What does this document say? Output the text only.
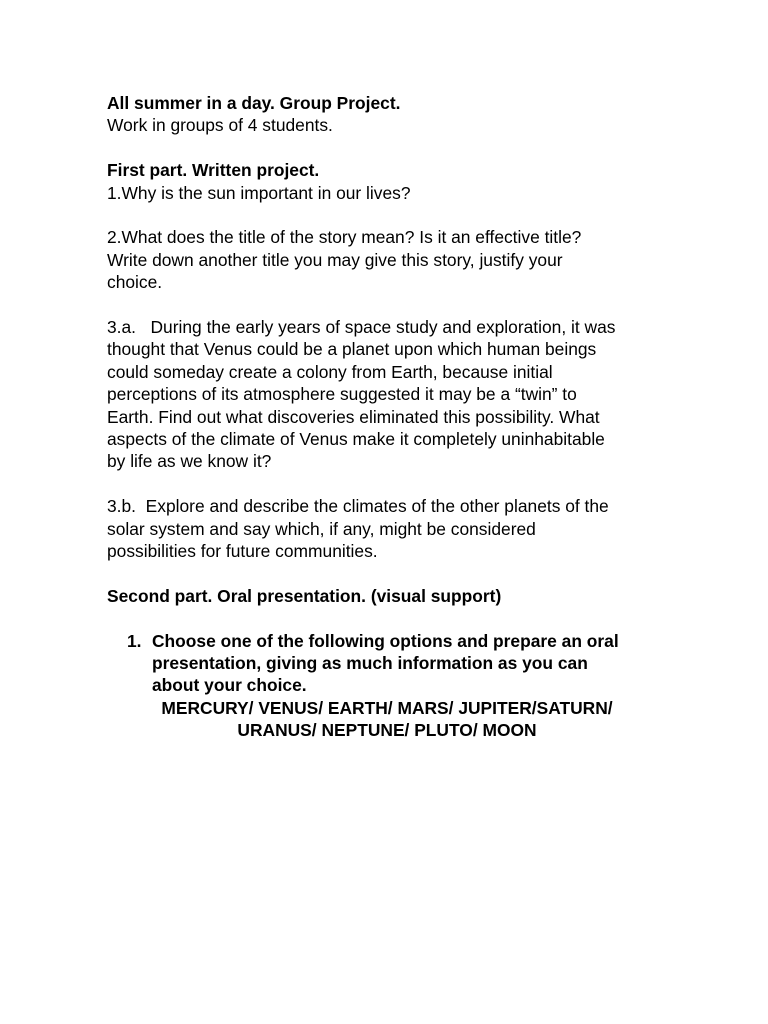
All summer in a day. Group Project.
Work in groups of 4 students.
First part. Written project.
1.Why is the sun important in our lives?
2.What does the title of the story mean? Is it an effective title?
Write down another title you may give this story, justify your
choice.
3.a.   During the early years of space study and exploration, it was
thought that Venus could be a planet upon which human beings
could someday create a colony from Earth, because initial
perceptions of its atmosphere suggested it may be a “twin” to
Earth. Find out what discoveries eliminated this possibility. What
aspects of the climate of Venus make it completely uninhabitable
by life as we know it?
3.b.  Explore and describe the climates of the other planets of the
solar system and say which, if any, might be considered
possibilities for future communities.
Second part. Oral presentation. (visual support)
1. Choose one of the following options and prepare an oral
presentation, giving as much information as you can
about your choice.
MERCURY/ VENUS/ EARTH/ MARS/ JUPITER/SATURN/
URANUS/ NEPTUNE/ PLUTO/ MOON
